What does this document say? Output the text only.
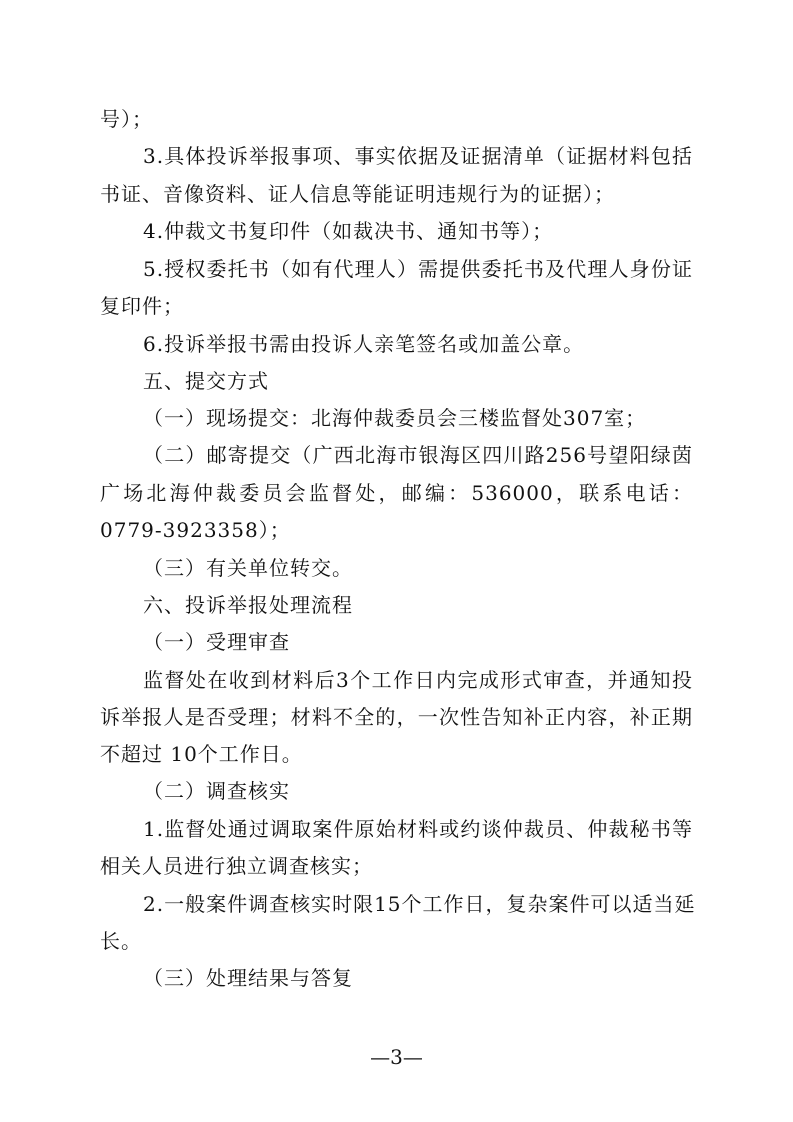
号）；
3.具体投诉举报事项、事实依据及证据清单（证据材料包括
书证、音像资料、证人信息等能证明违规行为的证据）；
4.仲裁文书复印件（如裁决书、通知书等）；
5.授权委托书（如有代理人）需提供委托书及代理人身份证
复印件；
6.投诉举报书需由投诉人亲笔签名或加盖公章。
五、提交方式
（一）现场提交：北海仲裁委员会三楼监督处307室；
（二）邮寄提交（广西北海市银海区四川路256号望阳绿茵
广场北海仲裁委员会监督处，邮编：536000，联系电话：
0779-3923358）；
（三）有关单位转交。
六、投诉举报处理流程
（一）受理审查
监督处在收到材料后3个工作日内完成形式审查，并通知投
诉举报人是否受理；材料不全的，一次性告知补正内容，补正期
不超过 10个工作日。
（二）调查核实
1.监督处通过调取案件原始材料或约谈仲裁员、仲裁秘书等
相关人员进行独立调查核实；
2.一般案件调查核实时限15个工作日，复杂案件可以适当延
长。
（三）处理结果与答复
—3—
